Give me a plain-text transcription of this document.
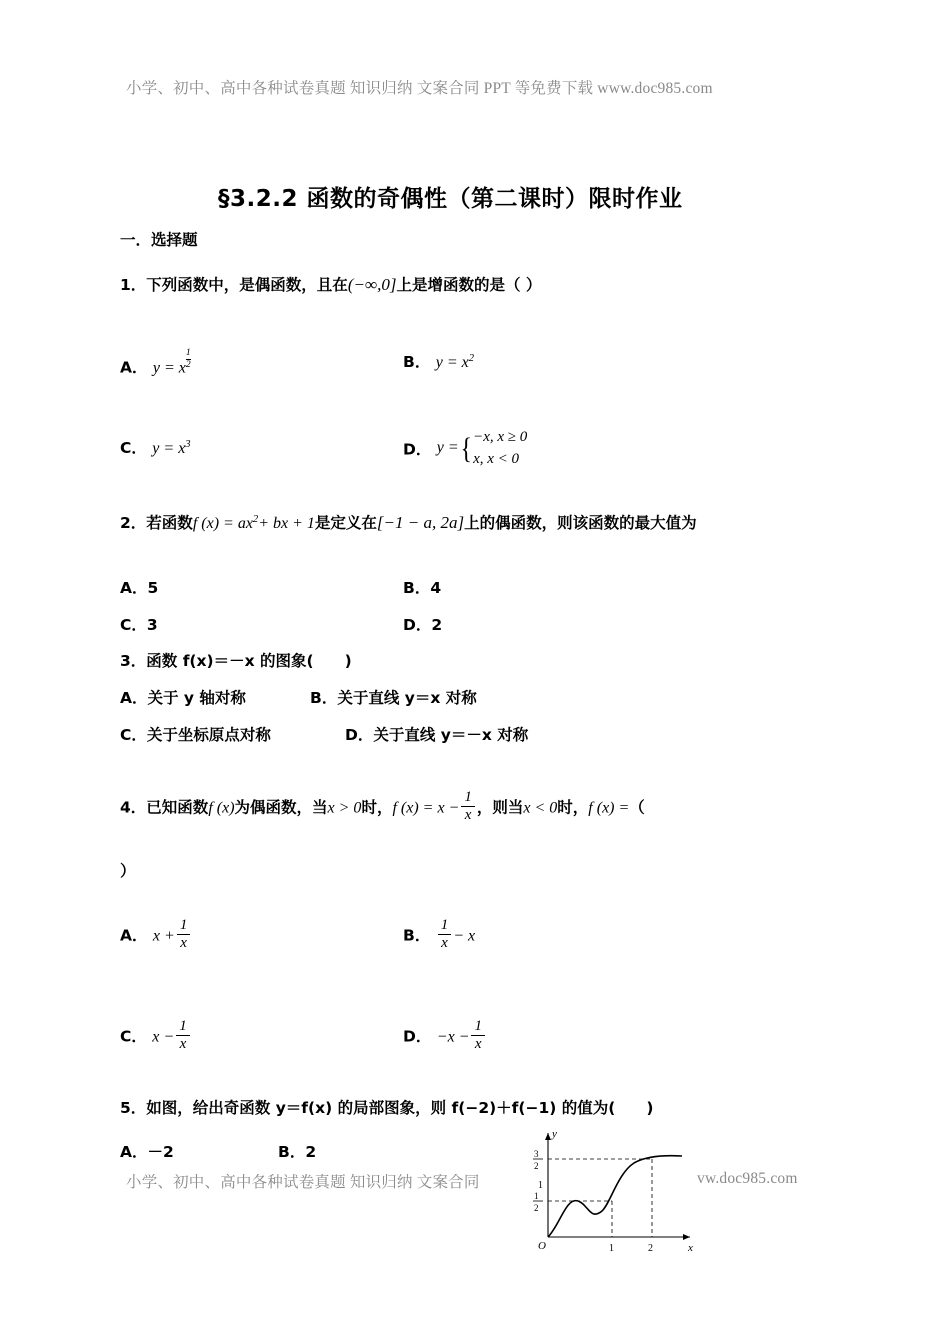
小学、初中、高中各种试卷真题 知识归纳 文案合同 PPT 等免费下载 www.doc985.com
§3.2.2 函数的奇偶性（第二课时）限时作业
一．选择题
1．下列函数中，是偶函数，且在(−∞,0]上是增函数的是（ ）
A． y = x $\frac{1}{2}$	B． $y = x^2$
C． $y = x^3$	D． y ={ −x, x ≥ 0
x, x < 0
2．若函数f $(x) = ax^2+$ bx + 1是定义在[−1 − a, 2a]上的偶函数，则该函数的最大值为
A．5	B．4
C．3	D．2
3．函数 f(x)＝－x 的图象(　　)
A．关于 y 轴对称	B．关于直线 y＝x 对称
C．关于坐标原点对称	D．关于直线 y＝－x 对称
4．已知函数f (x)为偶函数，当x > 0时，f $(x) = x - \frac{1}{x}$ ，则当x < 0时，f (x) =（
）
A． $x + \frac{1}{x}$	B． $\frac{1}{x} - x$
C． $x - \frac{1}{x}$	D． $-x - \frac{1}{x}$
5．如图，给出奇函数 y＝f(x) 的局部图象，则 f(−2)＋f(−1) 的值为(　　)
A．－2	B．2
y
x
O	1	2
3
2
1
1
2
小学、初中、高中各种试卷真题 知识归纳 文案合同	vw.doc985.com
